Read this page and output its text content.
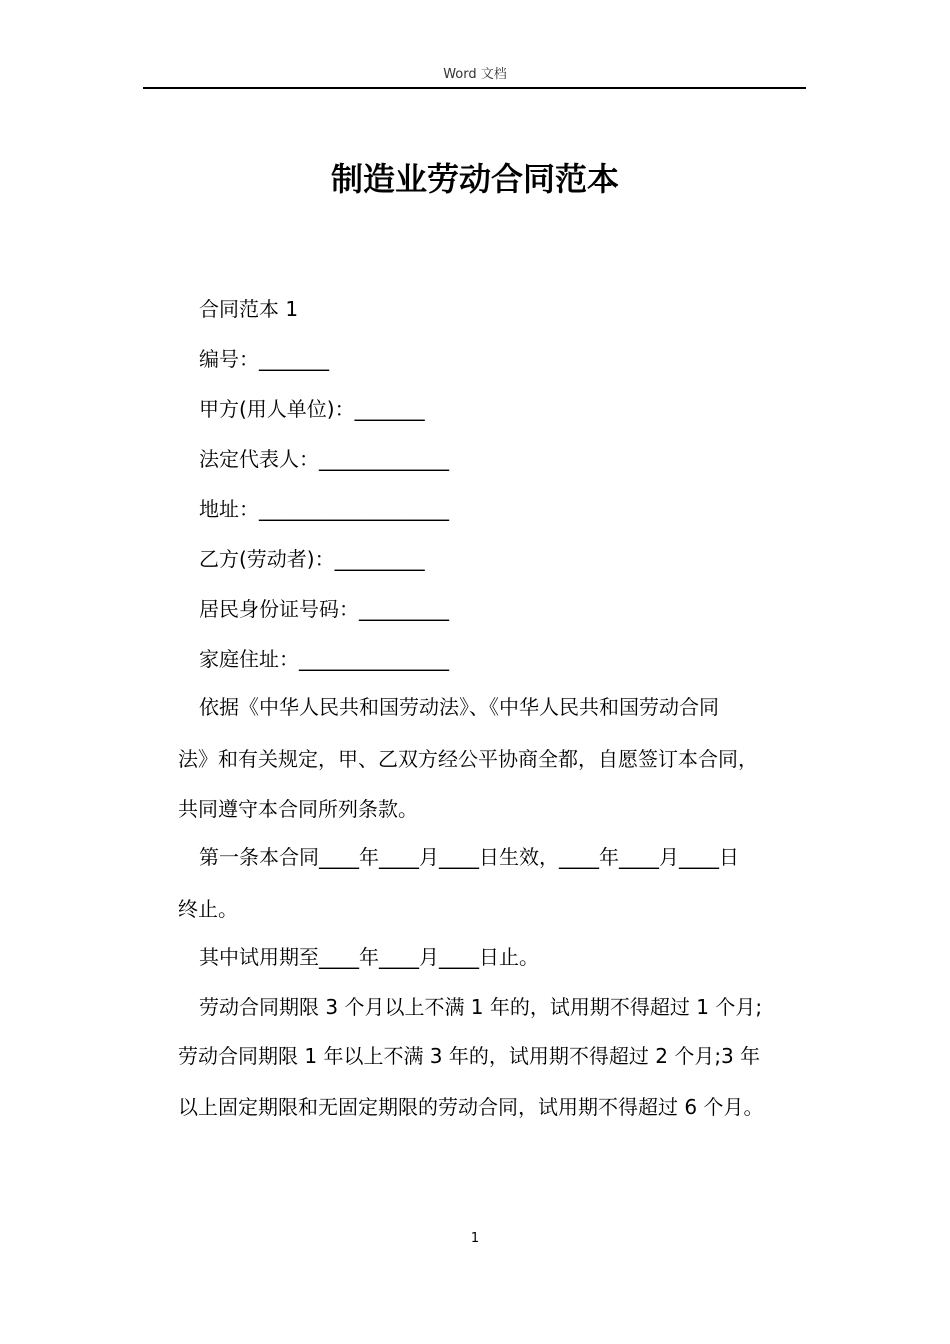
Word 文档
制造业劳动合同范本
合同范本 1
编号：_______
甲方(用人单位)：_______
法定代表人：_____________
地址：___________________
乙方(劳动者)：_________
居民身份证号码：_________
家庭住址：_______________
依据《中华人民共和国劳动法》、《中华人民共和国劳动合同
法》和有关规定，甲、乙双方经公平协商全都，自愿签订本合同，
共同遵守本合同所列条款。
第一条本合同____年____月____日生效，____年____月____日
终止。
其中试用期至____年____月____日止。
劳动合同期限 3 个月以上不满 1 年的，试用期不得超过 1 个月;
劳动合同期限 1 年以上不满 3 年的，试用期不得超过 2 个月;3 年
以上固定期限和无固定期限的劳动合同，试用期不得超过 6 个月。
1
